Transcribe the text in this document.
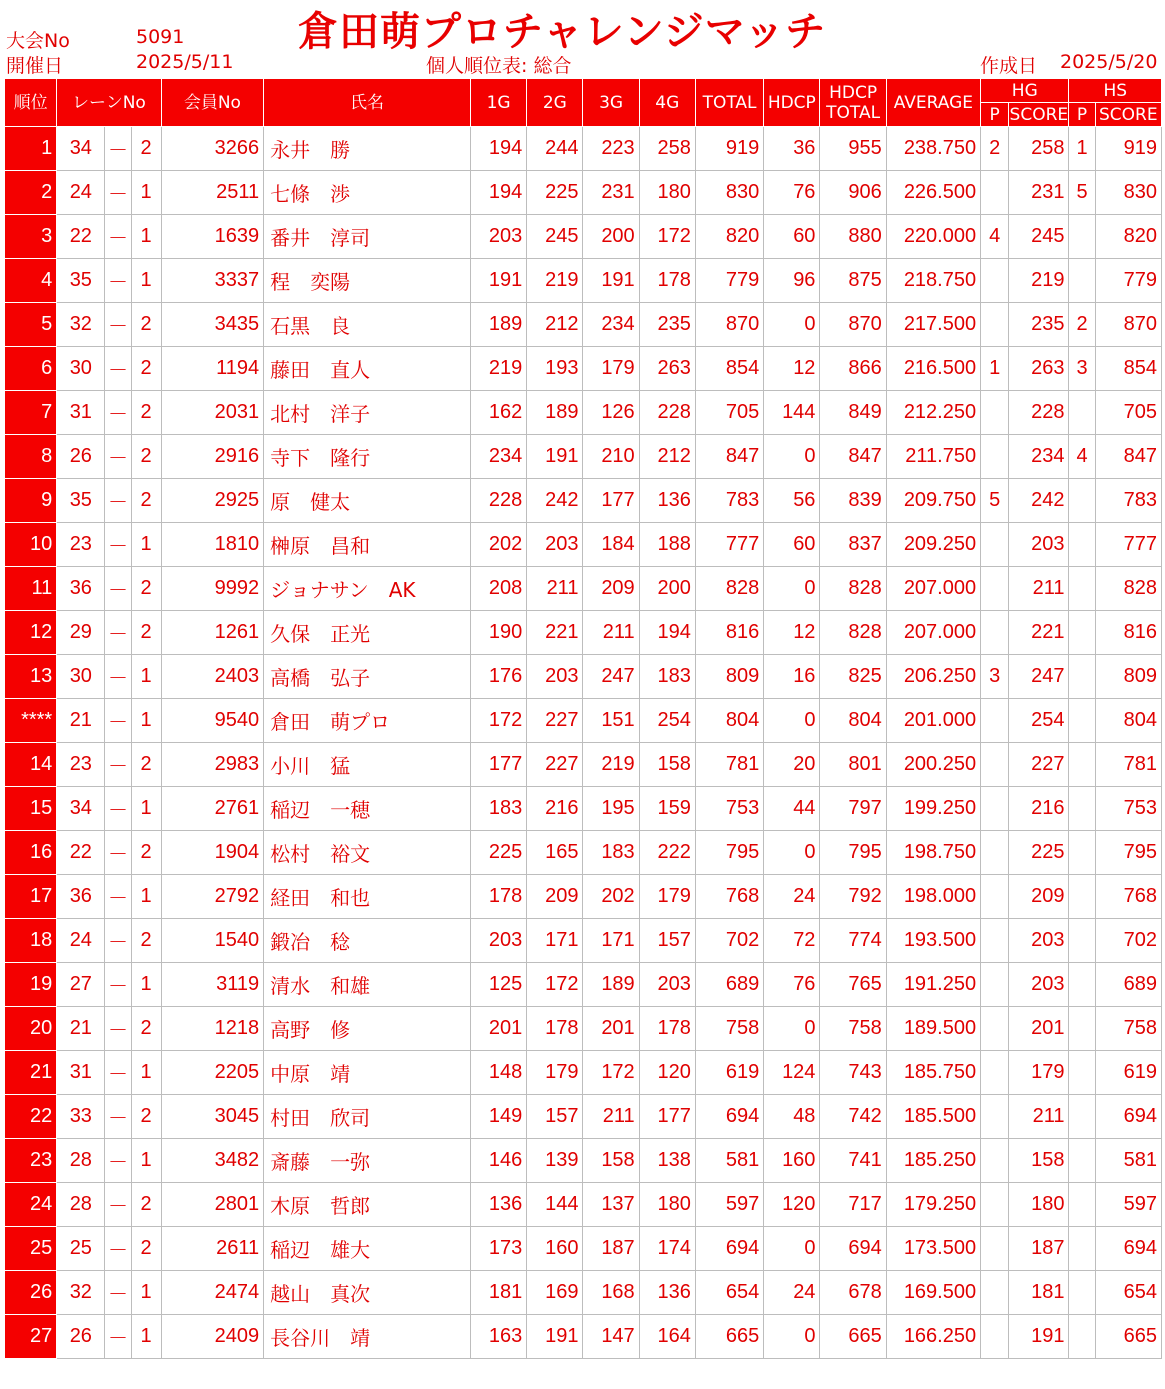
大会No	5091
開催日	2025/5/11
倉田萌プロチャレンジマッチ
個人順位表: 総合	作成日 2025/5/20
順位	レーンNo			会員No	氏名	1G	2G	3G	4G	TOTAL	HDCP	HDCP
TOTAL	AVERAGE	HG		HS	
														P	SCORE	P	SCORE
1	34	－	2	3266	永井　勝	194	244	223	258	919	36	955	238.750	2	258	1	919
2	24	－	1	2511	七條　渉	194	225	231	180	830	76	906	226.500		231	5	830
3	22	－	1	1639	番井　淳司	203	245	200	172	820	60	880	220.000	4	245		820
4	35	－	1	3337	程　奕陽	191	219	191	178	779	96	875	218.750		219		779
5	32	－	2	3435	石黒　良	189	212	234	235	870	0	870	217.500		235	2	870
6	30	－	2	1194	藤田　直人	219	193	179	263	854	12	866	216.500	1	263	3	854
7	31	－	2	2031	北村　洋子	162	189	126	228	705	144	849	212.250		228		705
8	26	－	2	2916	寺下　隆行	234	191	210	212	847	0	847	211.750		234	4	847
9	35	－	2	2925	原　健太	228	242	177	136	783	56	839	209.750	5	242		783
10	23	－	1	1810	榊原　昌和	202	203	184	188	777	60	837	209.250		203		777
11	36	－	2	9992	ジョナサン　AK	208	211	209	200	828	0	828	207.000		211		828
12	29	－	2	1261	久保　正光	190	221	211	194	816	12	828	207.000		221		816
13	30	－	1	2403	高橋　弘子	176	203	247	183	809	16	825	206.250	3	247		809
****	21	－	1	9540	倉田　萌プロ	172	227	151	254	804	0	804	201.000		254		804
14	23	－	2	2983	小川　猛	177	227	219	158	781	20	801	200.250		227		781
15	34	－	1	2761	稲辺　一穂	183	216	195	159	753	44	797	199.250		216		753
16	22	－	2	1904	松村　裕文	225	165	183	222	795	0	795	198.750		225		795
17	36	－	1	2792	経田　和也	178	209	202	179	768	24	792	198.000		209		768
18	24	－	2	1540	鍛冶　稔	203	171	171	157	702	72	774	193.500		203		702
19	27	－	1	3119	清水　和雄	125	172	189	203	689	76	765	191.250		203		689
20	21	－	2	1218	高野　修	201	178	201	178	758	0	758	189.500		201		758
21	31	－	1	2205	中原　靖	148	179	172	120	619	124	743	185.750		179		619
22	33	－	2	3045	村田　欣司	149	157	211	177	694	48	742	185.500		211		694
23	28	－	1	3482	斎藤　一弥	146	139	158	138	581	160	741	185.250		158		581
24	28	－	2	2801	木原　哲郎	136	144	137	180	597	120	717	179.250		180		597
25	25	－	2	2611	稲辺　雄大	173	160	187	174	694	0	694	173.500		187		694
26	32	－	1	2474	越山　真次	181	169	168	136	654	24	678	169.500		181		654
27	26	－	1	2409	長谷川　靖	163	191	147	164	665	0	665	166.250		191		665
